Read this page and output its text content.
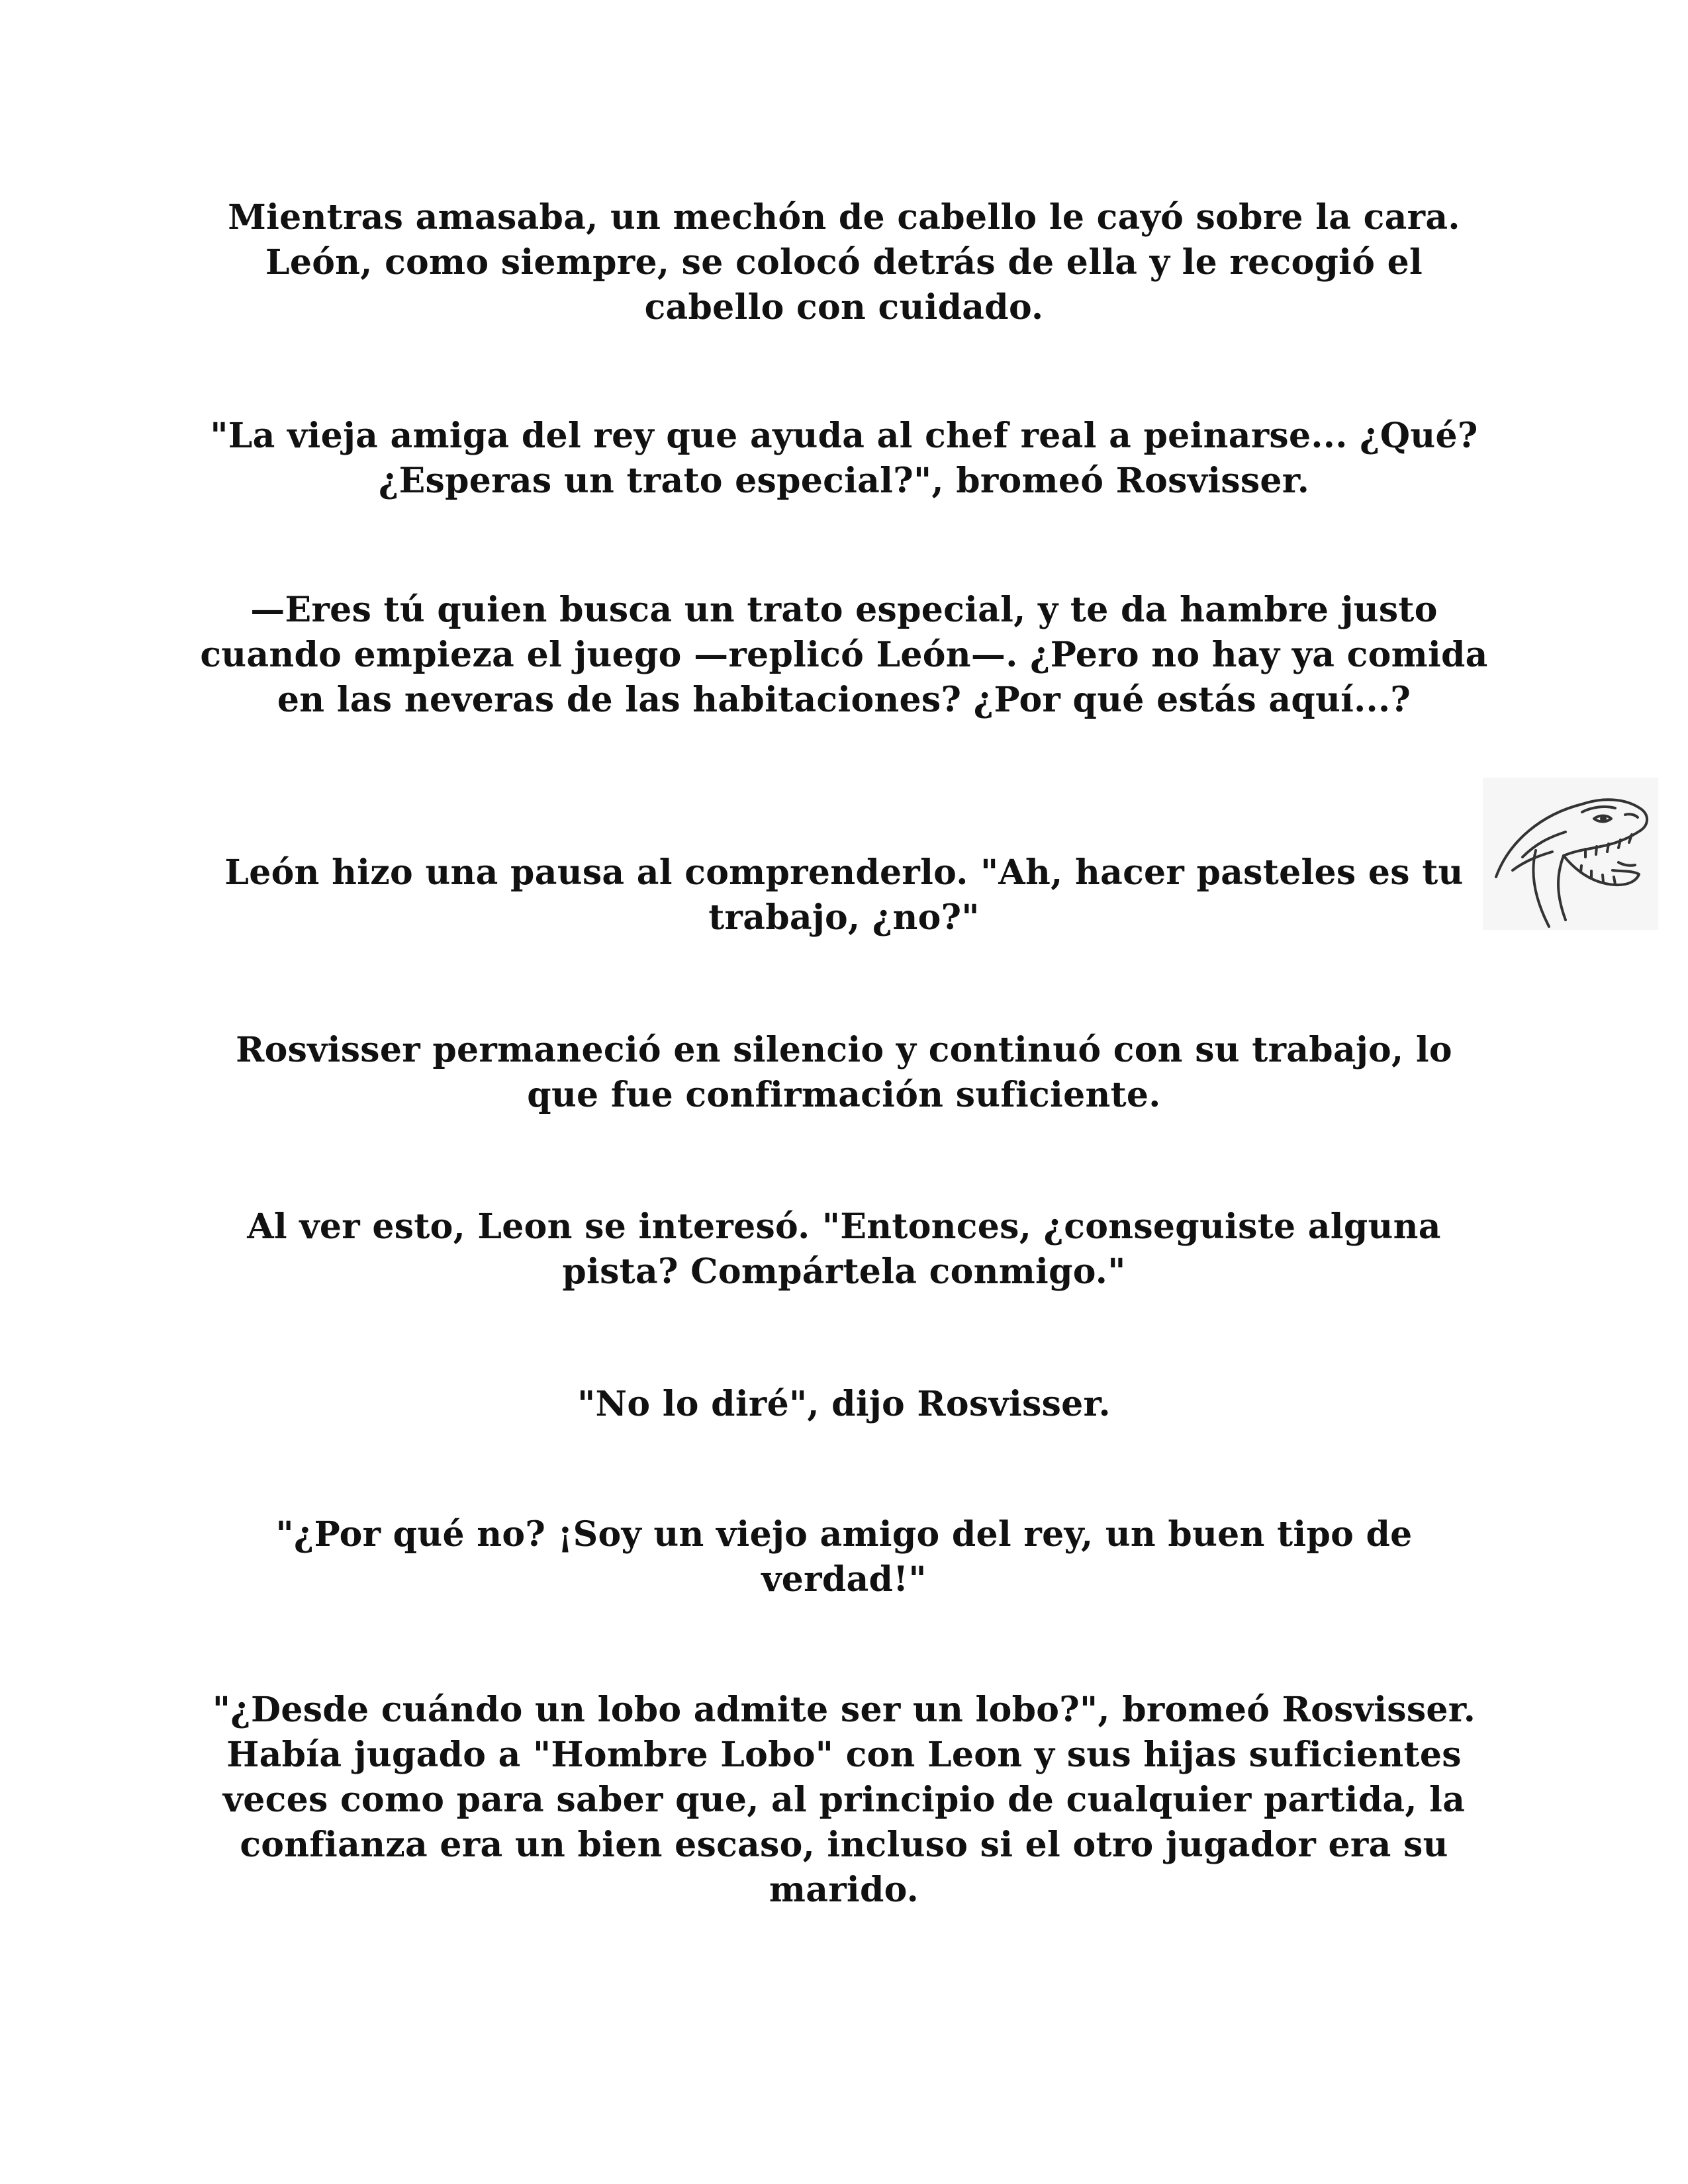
Mientras amasaba, un mechón de cabello le cayó sobre la cara. León, como siempre, se colocó detrás de ella y le recogió el cabello con cuidado.

"La vieja amiga del rey que ayuda al chef real a peinarse... ¿Qué? ¿Esperas un trato especial?", bromeó Rosvisser.

—Eres tú quien busca un trato especial, y te da hambre justo cuando empieza el juego —replicó León—. ¿Pero no hay ya comida en las neveras de las habitaciones? ¿Por qué estás aquí...?

León hizo una pausa al comprenderlo. "Ah, hacer pasteles es tu trabajo, ¿no?"

Rosvisser permaneció en silencio y continuó con su trabajo, lo que fue confirmación suficiente.

Al ver esto, Leon se interesó. "Entonces, ¿conseguiste alguna pista? Compártela conmigo."

"No lo diré", dijo Rosvisser.

"¿Por qué no? ¡Soy un viejo amigo del rey, un buen tipo de verdad!"

"¿Desde cuándo un lobo admite ser un lobo?", bromeó Rosvisser. Había jugado a "Hombre Lobo" con Leon y sus hijas suficientes veces como para saber que, al principio de cualquier partida, la confianza era un bien escaso, incluso si el otro jugador era su marido.
